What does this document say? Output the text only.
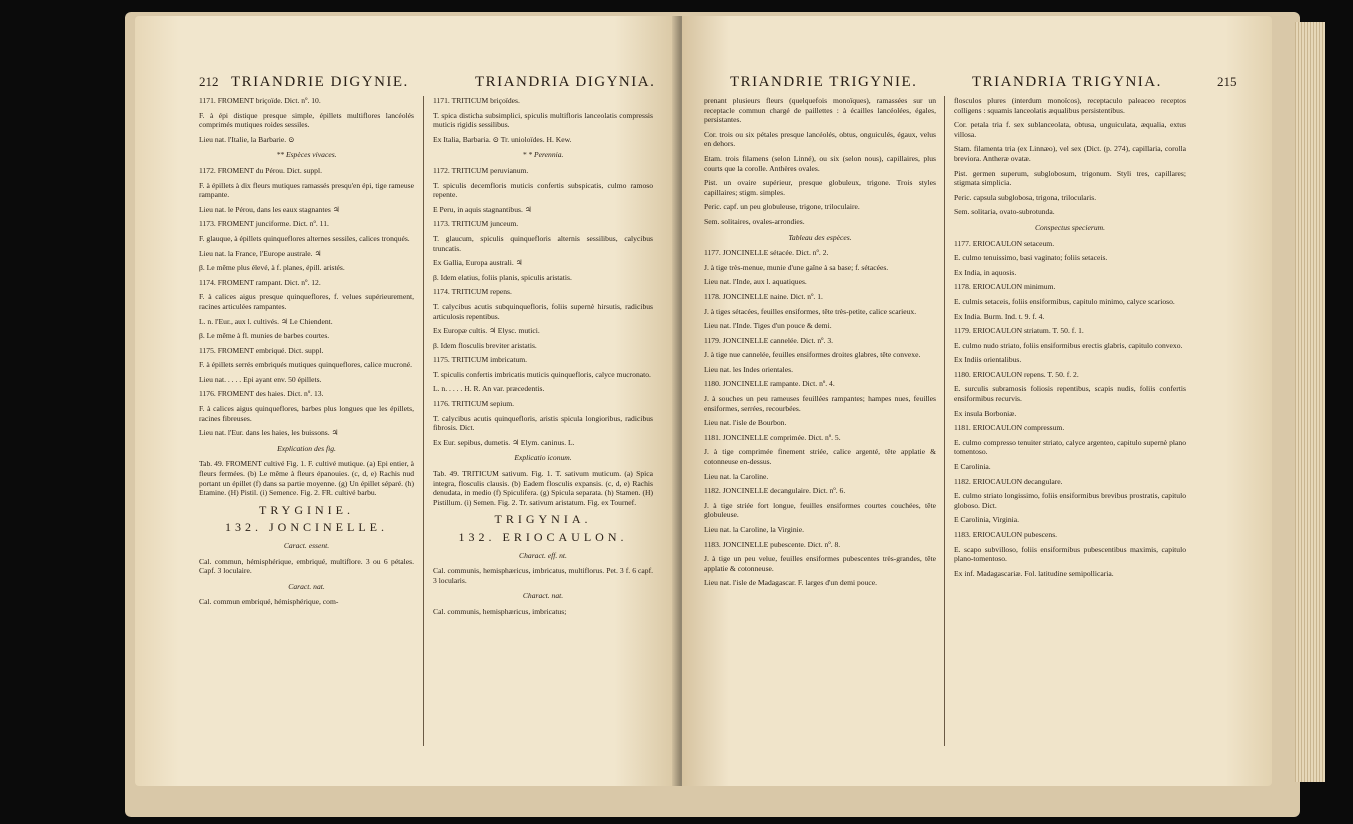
212 TRIANDRIE DIGYNIE.	TRIANDRIA DIGYNIA.

1171. FROMENT briçoïde. Dict. nº. 10.

F. à épi distique presque simple, épillets multiflores lancéolés comprimés mutiques roides sessiles.

Lieu nat. l'Italie, la Barbarie. ⊙

** Espèces vivaces.

1172. FROMENT du Pérou. Dict. suppl.

F. à épillets à dix fleurs mutiques ramassés presqu'en épi, tige rameuse rampante.

Lieu nat. le Pérou, dans les eaux stagnantes ♃

1173. FROMENT junciforme. Dict. nº. 11.

F. glauque, à épillets quinqueflores alternes sessiles, calices tronqués.

Lieu nat. la France, l'Europe australe. ♃

β. Le même plus élevé, à f. planes, épill. aristés.

1174. FROMENT rampant. Dict. nº. 12.

F. à calices aigus presque quinqueflores, f. velues supérieurement, racines articulées rampantes.

L. n. l'Eur., aux l. cultivés. ♃ Le Chiendent.

β. Le même à fl. munies de barbes courtes.

1175. FROMENT embriqué. Dict. suppl.

F. à épillets serrés embriqués mutiques quinqueflores, calice mucroné.

Lieu nat. . . . . Epi ayant env. 50 épillets.

1176. FROMENT des haies. Dict. nº. 13.

F. à calices aigus quinqueflores, barbes plus longues que les épillets, racines fibreuses.

Lieu nat. l'Eur. dans les haies, les buissons. ♃

Explication des fig.

Tab. 49. FROMENT cultivé Fig. 1. F. cultivé mutique. (a) Epi entier, à fleurs fermées. (b) Le même à fleurs épanouies. (c, d, e) Rachis nud portant un épillet (f) dans sa partie moyenne. (g) Un épillet séparé. (h) Etamine. (H) Pistil. (i) Semence. Fig. 2. FR. cultivé barbu.

TRYGINIE.

132. JONCINELLE.

Caract. essent.

Cal. commun, hémisphérique, embriqué, multiflore. 3 ou 6 pétales. Capf. 3 loculaire.

Caract. nat.

Cal. commun embriqué, hémisphérique, com-

1171. TRITICUM briçoïdes.

T. spica disticha subsimplici, spiculis multifloris lanceolatis compressis muticis rigidis sessilibus.

Ex Italia, Barbaria. ⊙ Tr. unioloïdes. H. Kew.

* * Perennia.

1172. TRITICUM peruvianum.

T. spiculis decemfloris muticis confertis subspicatis, culmo ramoso repente.

E Peru, in aquis stagnantibus. ♃

1173. TRITICUM junceum.

T. glaucum, spiculis quinquefloris alternis sessilibus, calycibus truncatis.

Ex Gallia, Europa australi. ♃

β. Idem elatius, foliis planis, spiculis aristatis.

1174. TRITICUM repens.

T. calycibus acutis subquinquefloris, foliis supernè hirsutis, radicibus articulosis repentibus.

Ex Europæ cultis. ♃ Elysc. mutici.

β. Idem flosculis breviter aristatis.

1175. TRITICUM imbricatum.

T. spiculis confertis imbricatis muticis quinquefloris, calyce mucronato.

L. n. . . . . H. R. An var. præcedentis.

1176. TRITICUM sepium.

T. calycibus acutis quinquefloris, aristis spicula longioribus, radicibus fibrosis. Dict.

Ex Eur. sepibus, dumetis. ♃ Elym. caninus. L.

Explicatio iconum.

Tab. 49. TRITICUM sativum. Fig. 1. T. sativum muticum. (a) Spica integra, flosculis clausis. (b) Eadem flosculis expansis. (c, d, e) Rachis denudata, in medio (f) Spiculifera. (g) Spicula separata. (h) Stamen. (H) Pistillum. (i) Semen. Fig. 2. Tr. sativum aristatum. Fig. ex Tournef.

TRIGYNIA.

132. ERIOCAULON.

Charact. eff. nt.

Cal. communis, hemisphæricus, imbricatus, multiflorus. Pet. 3 f. 6 capf. 3 locularis.

Charact. nat.

Cal. communis, hemisphæricus, imbricatus;

TRIANDRIE TRIGYNIE.	TRIANDRIA TRIGYNIA.	215

prenant plusieurs fleurs (quelquefois monoïques), ramassées sur un receptacle commun chargé de paillettes : à écailles lancéolées, égales, persistantes.

Cor. trois ou six pétales presque lancéolés, obtus, onguiculés, égaux, velus en dehors.

Etam. trois filamens (selon Linné), ou six (selon nous), capillaires, plus courts que la corolle. Anthères ovales.

Pist. un ovaire supérieur, presque globuleux, trigone. Trois styles capillaires; stigm. simples.

Peric. capf. un peu globuleuse, trigone, triloculaire.

Sem. solitaires, ovales-arrondies.

Tableau des espèces.

1177. JONCINELLE sétacée. Dict. nº. 2.

J. à tige très-menue, munie d'une gaîne à sa base; f. sétacées.

Lieu nat. l'Inde, aux l. aquatiques.

1178. JONCINELLE naine. Dict. nº. 1.

J. à tiges sétacées, feuilles ensiformes, tête très-petite, calice scarieux.

Lieu nat. l'Inde. Tiges d'un pouce & demi.

1179. JONCINELLE cannelée. Dict. nº. 3.

J. à tige nue cannelée, feuilles ensiformes droites glabres, tête convexe.

Lieu nat. les Indes orientales.

1180. JONCINELLE rampante. Dict. nº. 4.

J. à souches un peu rameuses feuillées rampantes; hampes nues, feuilles ensiformes, serrées, recourbées.

Lieu nat. l'isle de Bourbon.

1181. JONCINELLE comprimée. Dict. nº. 5.

J. à tige comprimée finement striée, calice argenté, tête applatie & cotonneuse en-dessus.

Lieu nat. la Caroline.

1182. JONCINELLE decangulaire. Dict. nº. 6.

J. à tige striée fort longue, feuilles ensiformes courtes couchées, tête globuleuse.

Lieu nat. la Caroline, la Virginie.

1183. JONCINELLE pubescente. Dict. nº. 8.

J. à tige un peu velue, feuilles ensiformes pubescentes très-grandes, tête applatie & cotonneuse.

Lieu nat. l'isle de Madagascar. F. larges d'un demi pouce.

flosculos plures (interdum monoïcos), receptaculo paleaceo receptos colligens : squamis lanceolatis æqualibus persistentibus.

Cor. petala tria f. sex sublanceolata, obtusa, unguiculata, æqualia, extus villosa.

Stam. filamenta tria (ex Linnæo), vel sex (Dict. (p. 274), capillaria, corolla breviora. Antheræ ovatæ.

Pist. germen superum, subglobosum, trigonum. Styli tres, capillares; stigmata simplicia.

Peric. capsula subglobosa, trigona, trilocularis.

Sem. solitaria, ovato-subrotunda.

Conspectus specierum.

1177. ERIOCAULON setaceum.

E. culmo tenuissimo, basi vaginato; foliis setaceis.

Ex India, in aquosis.

1178. ERIOCAULON minimum.

E. culmis setaceis, foliis ensiformibus, capitulo minimo, calyce scarioso.

Ex India. Burm. Ind. t. 9. f. 4.

1179. ERIOCAULON striatum. T. 50. f. 1.

E. culmo nudo striato, foliis ensiformibus erectis glabris, capitulo convexo.

Ex Indiis orientalibus.

1180. ERIOCAULON repens. T. 50. f. 2.

E. surculis subramosis foliosis repentibus, scapis nudis, foliis confertis ensiformibus recurvis.

Ex insula Borboniæ.

1181. ERIOCAULON compressum.

E. culmo compresso tenuiter striato, calyce argenteo, capitulo supernè plano tomentoso.

E Carolinia.

1182. ERIOCAULON decangulare.

E. culmo striato longissimo, foliis ensiformibus brevibus prostratis, capitulo globoso. Dict.

E Carolinia, Virginia.

1183. ERIOCAULON pubescens.

E. scapo subvilloso, foliis ensiformibus pubescentibus maximis, capitulo plano-tomentoso.

Ex inf. Madagascariæ. Fol. latitudine semipollicaria.
